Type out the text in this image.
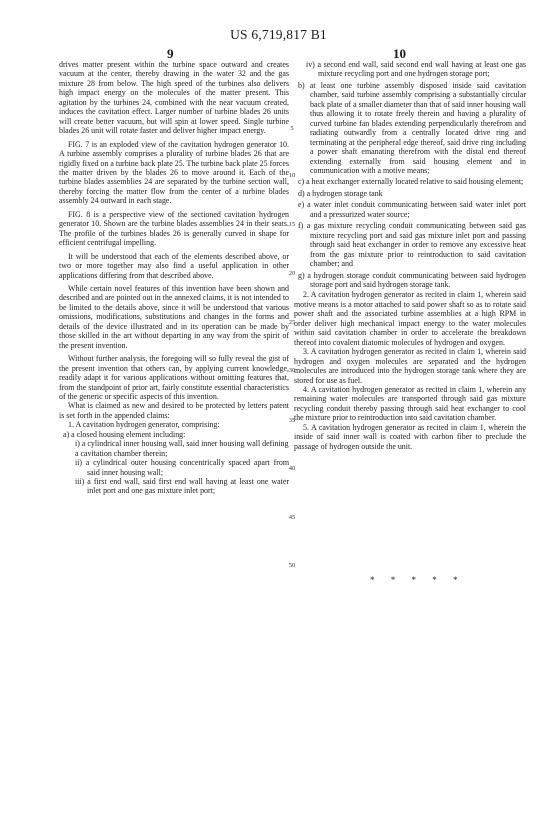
US 6,719,817 B1
9	10

drives matter present within the turbine space outward and creates vacuum at the center, thereby drawing in the water 32 and the gas mixture 28 from below. The high speed of the turbines also delivers high impact energy on the molecules of the matter present. This agitation by the turbines 24, combined with the near vacuum created, induces the cavitation effect. Larger number of turbine blades 26 units will create better vacuum, but will spin at lower speed. Single turbine blades 26 unit will rotate faster and deliver higher impact energy.

FIG. 7 is an exploded view of the cavitation hydrogen generator 10. A turbine assembly comprises a plurality of turbine blades 26 that are rigidly fixed on a turbine back plate 25. The turbine back plate 25 forces the matter driven by the blades 26 to move around it. Each of the turbine blades assemblies 24 are separated by the turbine section wall, thereby forcing the matter flow from the center of a turbine blades assembly 24 outward in each stage.

FIG. 8 is a perspective view of the sectioned cavitation hydrogen generator 10. Shown are the turbine blades assemblies 24 in their seats. The profile of the turbines blades 26 is generally curved in shape for efficient centrifugal impelling.

It will be understood that each of the elements described above, or two or more together may also find a useful application in other applications differing from that described above.

While certain novel features of this invention have been shown and described and are pointed out in the annexed claims, it is not intended to be limited to the details above, since it will be understood that various omissions, modifications, substitutions and changes in the forms and details of the device illustrated and in its operation can be made by those skilled in the art without departing in any way from the spirit of the present invention.

Without further analysis, the foregoing will so fully reveal the gist of the present invention that others can, by applying current knowledge, readily adapt it for various applications without omitting features that, from the standpoint of prior art, fairly constitute essential characteristics of the generic or specific aspects of this invention.

What is claimed as new and desired to be protected by letters patent is set forth in the appended claims:

1. A cavitation hydrogen generator, comprising:

a) a closed housing element including:

i) a cylindrical inner housing wall, said inner housing wall defining

a cavitation chamber therein;

ii) a cylindrical outer housing concentrically spaced apart from said inner housing wall;

iii) a first end wall, said first end wall having at least one water inlet port and one gas mixture inlet port;

iv) a second end wall, said second end wall having at least one gas mixture recycling port and one hydrogen storage port;

b) at least one turbine assembly disposed inside said cavitation chamber, said turbine assembly comprising a substantially circular back plate of a smaller diameter than that of said inner housing wall thus allowing it to rotate freely therein and having a plurality of curved turbine fan blades extending perpendicularly therefrom and radiating outwardly from a centrally located drive ring and terminating at the peripheral edge thereof, said drive ring including a power shaft emanating therefrom with the distal end thereof extending externally from said housing element and in communication with a motive means;

c) a heat exchanger externally located relative to said housing element;

d) a hydrogen storage tank

e) a water inlet conduit communicating between said water inlet port and a pressurized water source;

f) a gas mixture recycling conduit communicating between said gas mixture recycling port and said gas mixture inlet port and passing through said heat exchanger in order to remove any excessive heat from the gas mixture prior to reintroduction to said cavitation chamber; and

g) a hydrogen storage conduit communicating between said hydrogen storage port and said hydrogen storage tank.

2. A cavitation hydrogen generator as recited in claim 1, wherein said motive means is a motor attached to said power shaft so as to rotate said power shaft and the associated turbine assemblies at a high RPM in order deliver high mechanical impact energy to the water molecules within said cavitation chamber in order to accelerate the breakdown thereof into covalent diatomic molecules of hydrogen and oxygen.

3. A cavitation hydrogen generator as recited in claim 1, wherein said hydrogen and oxygen molecules are separated and the hydrogen molecules are introduced into the hydrogen storage tank where they are stored for use as fuel.

4. A cavitation hydrogen generator as recited in claim 1, wherein any remaining water molecules are transported through said gas mixture recycling conduit thereby passing through said heat exchanger to cool the mixture prior to reintroduction into said cavitation chamber.

5. A cavitation hydrogen generator as recited in claim 1, wherein the inside of said inner wall is coated with carbon fiber to preclude the passage of hydrogen outside the unit.

5
10
15
20
25
30
35
40
45
50
* * * * *
